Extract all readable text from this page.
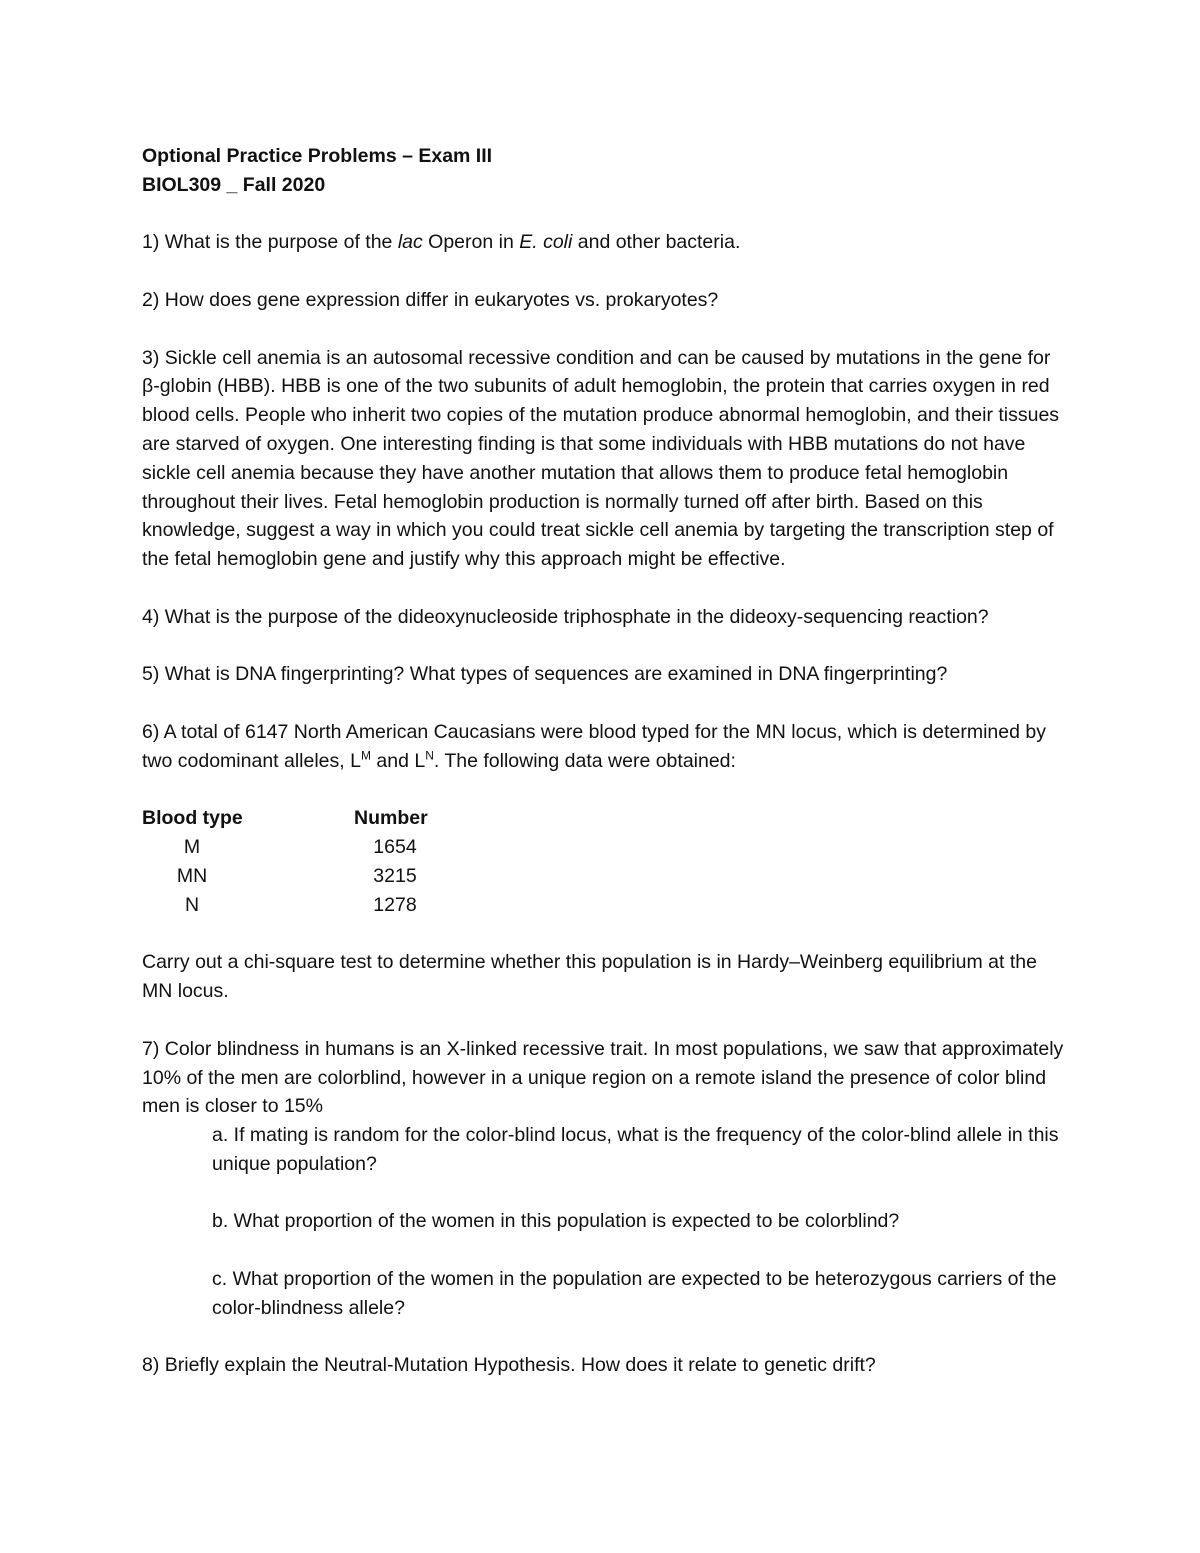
Optional Practice Problems – Exam III

BIOL309 _ Fall 2020

1) What is the purpose of the lac Operon in E. coli and other bacteria.

2) How does gene expression differ in eukaryotes vs. prokaryotes?

3) Sickle cell anemia is an autosomal recessive condition and can be caused by mutations in the gene for β-globin (HBB). HBB is one of the two subunits of adult hemoglobin, the protein that carries oxygen in red blood cells. People who inherit two copies of the mutation produce abnormal hemoglobin, and their tissues are starved of oxygen. One interesting finding is that some individuals with HBB mutations do not have sickle cell anemia because they have another mutation that allows them to produce fetal hemoglobin throughout their lives. Fetal hemoglobin production is normally turned off after birth. Based on this knowledge, suggest a way in which you could treat sickle cell anemia by targeting the transcription step of the fetal hemoglobin gene and justify why this approach might be effective.

4) What is the purpose of the dideoxynucleoside triphosphate in the dideoxy-sequencing reaction?

5) What is DNA fingerprinting? What types of sequences are examined in DNA fingerprinting?

6) A total of 6147 North American Caucasians were blood typed for the MN locus, which is determined by two codominant alleles, $L^M$ and $L^N$. The following data were obtained:

Blood type	Number
M	1654
MN	3215
N	1278

Carry out a chi-square test to determine whether this population is in Hardy–Weinberg equilibrium at the MN locus.

7) Color blindness in humans is an X-linked recessive trait. In most populations, we saw that approximately 10% of the men are colorblind, however in a unique region on a remote island the presence of color blind men is closer to 15%

a. If mating is random for the color-blind locus, what is the frequency of the color-blind allele in this unique population?

b. What proportion of the women in this population is expected to be colorblind?

c. What proportion of the women in the population are expected to be heterozygous carriers of the color-blindness allele?

8) Briefly explain the Neutral-Mutation Hypothesis. How does it relate to genetic drift?
